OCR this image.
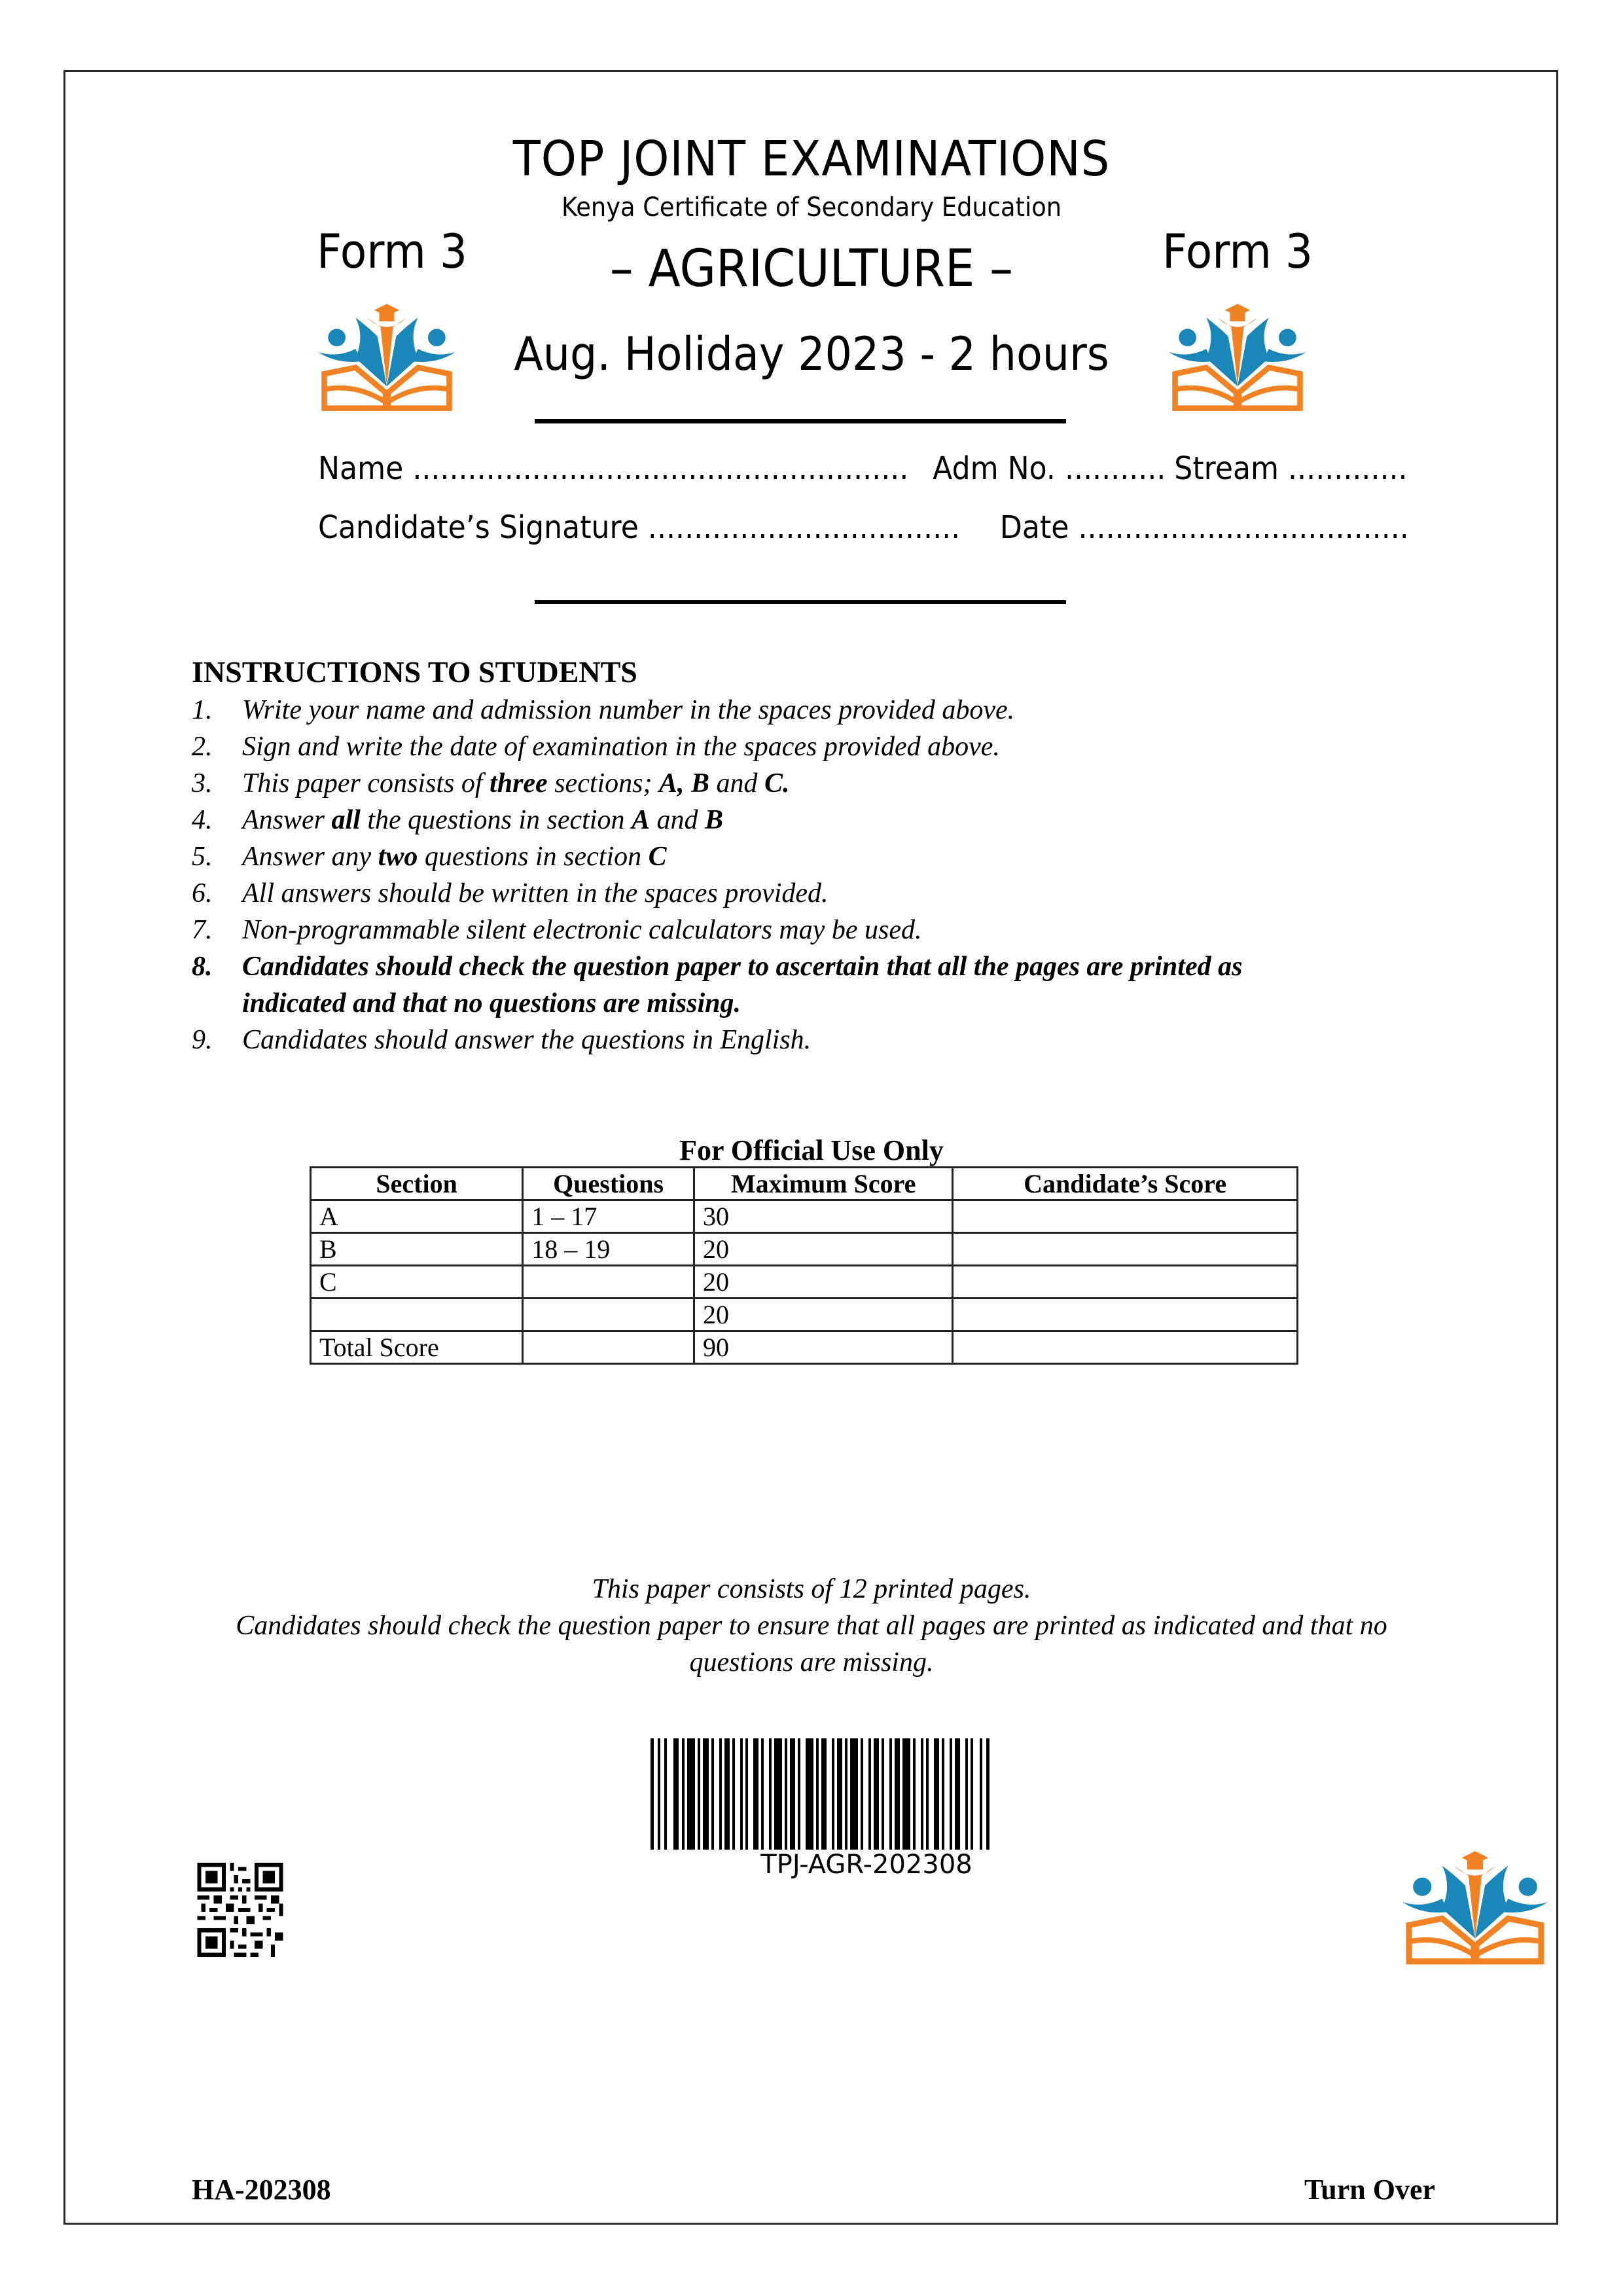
TOP JOINT EXAMINATIONS
Kenya Certificate of Secondary Education
Form 3	Form 3
– AGRICULTURE –
Aug. Holiday 2023 - 2 hours
Name ...................................................... Adm No. ........... Stream .............
Candidate’s Signature .................................. Date ....................................
INSTRUCTIONS TO STUDENTS
1.	Write your name and admission number in the spaces provided above.
2.	Sign and write the date of examination in the spaces provided above.
3.	This paper consists of three sections; A, B and C.
4.	Answer all the questions in section A and B
5.	Answer any two questions in section C
6.	All answers should be written in the spaces provided.
7.	Non-programmable silent electronic calculators may be used.
8.	Candidates should check the question paper to ascertain that all the pages are printed as indicated and that no questions are missing.
9.	Candidates should answer the questions in English.
For Official Use Only
Section	Questions	Maximum Score	Candidate’s Score
A	1 – 17	30	
B	18 – 19	20	
C		20	
		20	
Total Score		90	
This paper consists of 12 printed pages.
Candidates should check the question paper to ensure that all pages are printed as indicated and that no
questions are missing.
TPJ-AGR-202308
HA-202308	Turn Over
